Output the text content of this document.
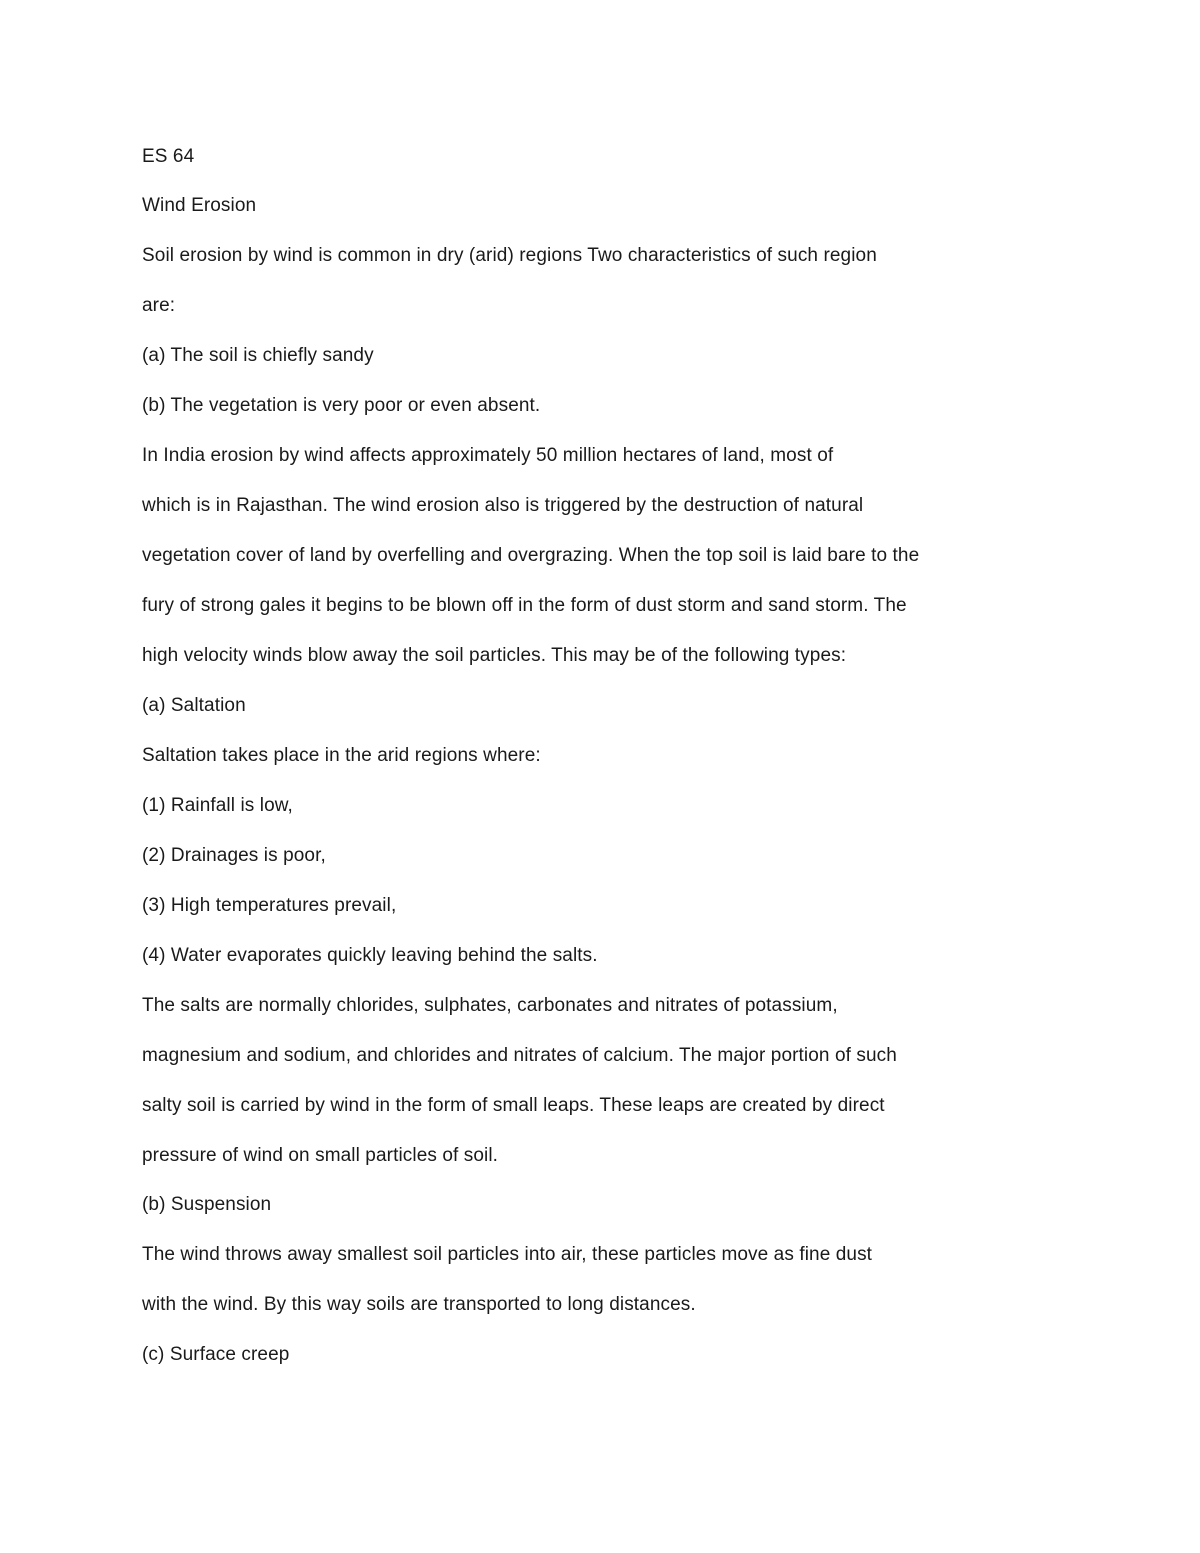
ES 64
Wind Erosion
Soil erosion by wind is common in dry (arid) regions Two characteristics of such region
are:
(a) The soil is chiefly sandy
(b) The vegetation is very poor or even absent.
In India erosion by wind affects approximately 50 million hectares of land, most of
which is in Rajasthan. The wind erosion also is triggered by the destruction of natural
vegetation cover of land by overfelling and overgrazing. When the top soil is laid bare to the
fury of strong gales it begins to be blown off in the form of dust storm and sand storm. The
high velocity winds blow away the soil particles. This may be of the following types:
(a) Saltation
Saltation takes place in the arid regions where:
(1) Rainfall is low,
(2) Drainages is poor,
(3) High temperatures prevail,
(4) Water evaporates quickly leaving behind the salts.
The salts are normally chlorides, sulphates, carbonates and nitrates of potassium,
magnesium and sodium, and chlorides and nitrates of calcium. The major portion of such
salty soil is carried by wind in the form of small leaps. These leaps are created by direct
pressure of wind on small particles of soil.
(b) Suspension
The wind throws away smallest soil particles into air, these particles move as fine dust
with the wind. By this way soils are transported to long distances.
(c) Surface creep
